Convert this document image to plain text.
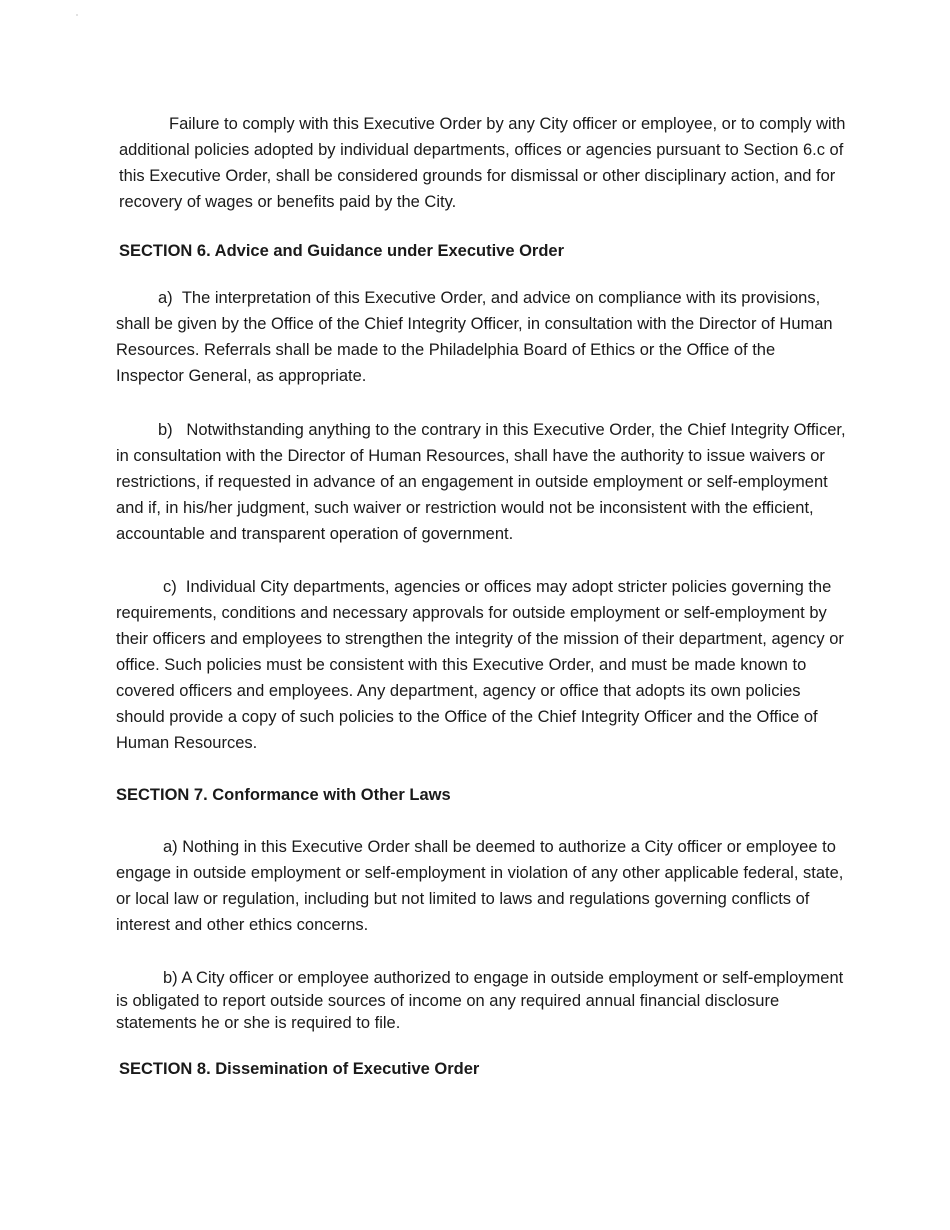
Failure to comply with this Executive Order by any City officer or employee, or to comply with additional policies adopted by individual departments, offices or agencies pursuant to Section 6.c of this Executive Order, shall be considered grounds for dismissal or other disciplinary action, and for recovery of wages or benefits paid by the City.

SECTION 6. Advice and Guidance under Executive Order

a)  The interpretation of this Executive Order, and advice on compliance with its provisions, shall be given by the Office of the Chief Integrity Officer, in consultation with the Director of Human Resources. Referrals shall be made to the Philadelphia Board of Ethics or the Office of the Inspector General, as appropriate.

b)   Notwithstanding anything to the contrary in this Executive Order, the Chief Integrity Officer, in consultation with the Director of Human Resources, shall have the authority to issue waivers or restrictions, if requested in advance of an engagement in outside employment or self-employment and if, in his/her judgment, such waiver or restriction would not be inconsistent with the efficient, accountable and transparent operation of government.

c)  Individual City departments, agencies or offices may adopt stricter policies governing the requirements, conditions and necessary approvals for outside employment or self-employment by their officers and employees to strengthen the integrity of the mission of their department, agency or office. Such policies must be consistent with this Executive Order, and must be made known to covered officers and employees. Any department, agency or office that adopts its own policies should provide a copy of such policies to the Office of the Chief Integrity Officer and the Office of Human Resources.

SECTION 7. Conformance with Other Laws

a) Nothing in this Executive Order shall be deemed to authorize a City officer or employee to engage in outside employment or self-employment in violation of any other applicable federal, state, or local law or regulation, including but not limited to laws and regulations governing conflicts of interest and other ethics concerns.

b) A City officer or employee authorized to engage in outside employment or self-employment is obligated to report outside sources of income on any required annual financial disclosure statements he or she is required to file.

SECTION 8. Dissemination of Executive Order
